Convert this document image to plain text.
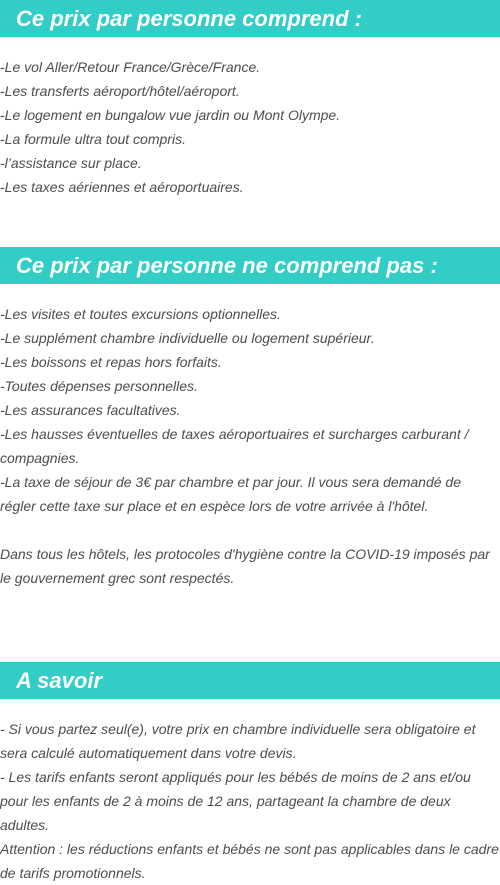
Ce prix par personne comprend :
-Le vol Aller/Retour France/Grèce/France.
-Les transferts aéroport/hôtel/aéroport.
-Le logement en bungalow vue jardin ou Mont Olympe.
-La formule ultra tout compris.
-l’assistance sur place.
-Les taxes aériennes et aéroportuaires.
Ce prix par personne ne comprend pas :
-Les visites et toutes excursions optionnelles.
-Le supplément chambre individuelle ou logement supérieur.
-Les boissons et repas hors forfaits.
-Toutes dépenses personnelles.
-Les assurances facultatives.
-Les hausses éventuelles de taxes aéroportuaires et surcharges carburant / compagnies.
-La taxe de séjour de 3€ par chambre et par jour. Il vous sera demandé de régler cette taxe sur place et en espèce lors de votre arrivée à l'hôtel.

Dans tous les hôtels, les protocoles d'hygiène contre la COVID-19 imposés par le gouvernement grec sont respectés.

A savoir
- Si vous partez seul(e), votre prix en chambre individuelle sera obligatoire et sera calculé automatiquement dans votre devis.
- Les tarifs enfants seront appliqués pour les bébés de moins de 2 ans et/ou pour les enfants de 2 à moins de 12 ans, partageant la chambre de deux adultes.
Attention : les réductions enfants et bébés ne sont pas applicables dans le cadre de tarifs promotionnels.
